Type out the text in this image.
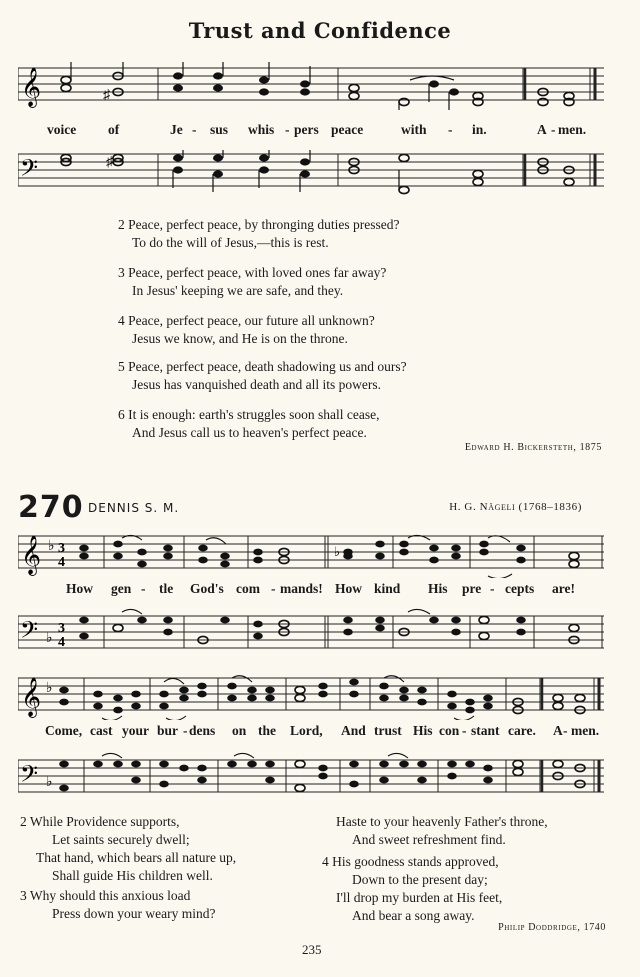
Trust and Confidence
𝄞	♯
voice of	Je - sus whis - pers peace	with - in.	A - men.
𝄢	♯
2 Peace, perfect peace, by thronging duties pressed?
To do the will of Jesus,—this is rest.
3 Peace, perfect peace, with loved ones far away?
In Jesus' keeping we are safe, and they.
4 Peace, perfect peace, our future all unknown?
Jesus we know, and He is on the throne.
5 Peace, perfect peace, death shadowing us and ours?
Jesus has vanquished death and all its powers.
6 It is enough: earth's struggles soon shall cease,
And Jesus call us to heaven's perfect peace.
Edward H. Bickersteth, 1875
270 DENNIS S. M.	H. G. Nägeli (1768–1836)
𝄞 ♭ 3
4
♭
How gen - tle God's com - mands! How kind His pre - cepts are!
𝄢 ♭
3
4
𝄞 ♭
Come, cast your bur - dens on the Lord, And trust His con - stant care. A - men.
𝄢 ♭
2 While Providence supports,
Let saints securely dwell;
That hand, which bears all nature up,
Shall guide His children well.
3 Why should this anxious load
Press down your weary mind?
Haste to your heavenly Father's throne,
And sweet refreshment find.
4 His goodness stands approved,
Down to the present day;
I'll drop my burden at His feet,
And bear a song away.
Philip Doddridge, 1740
235
